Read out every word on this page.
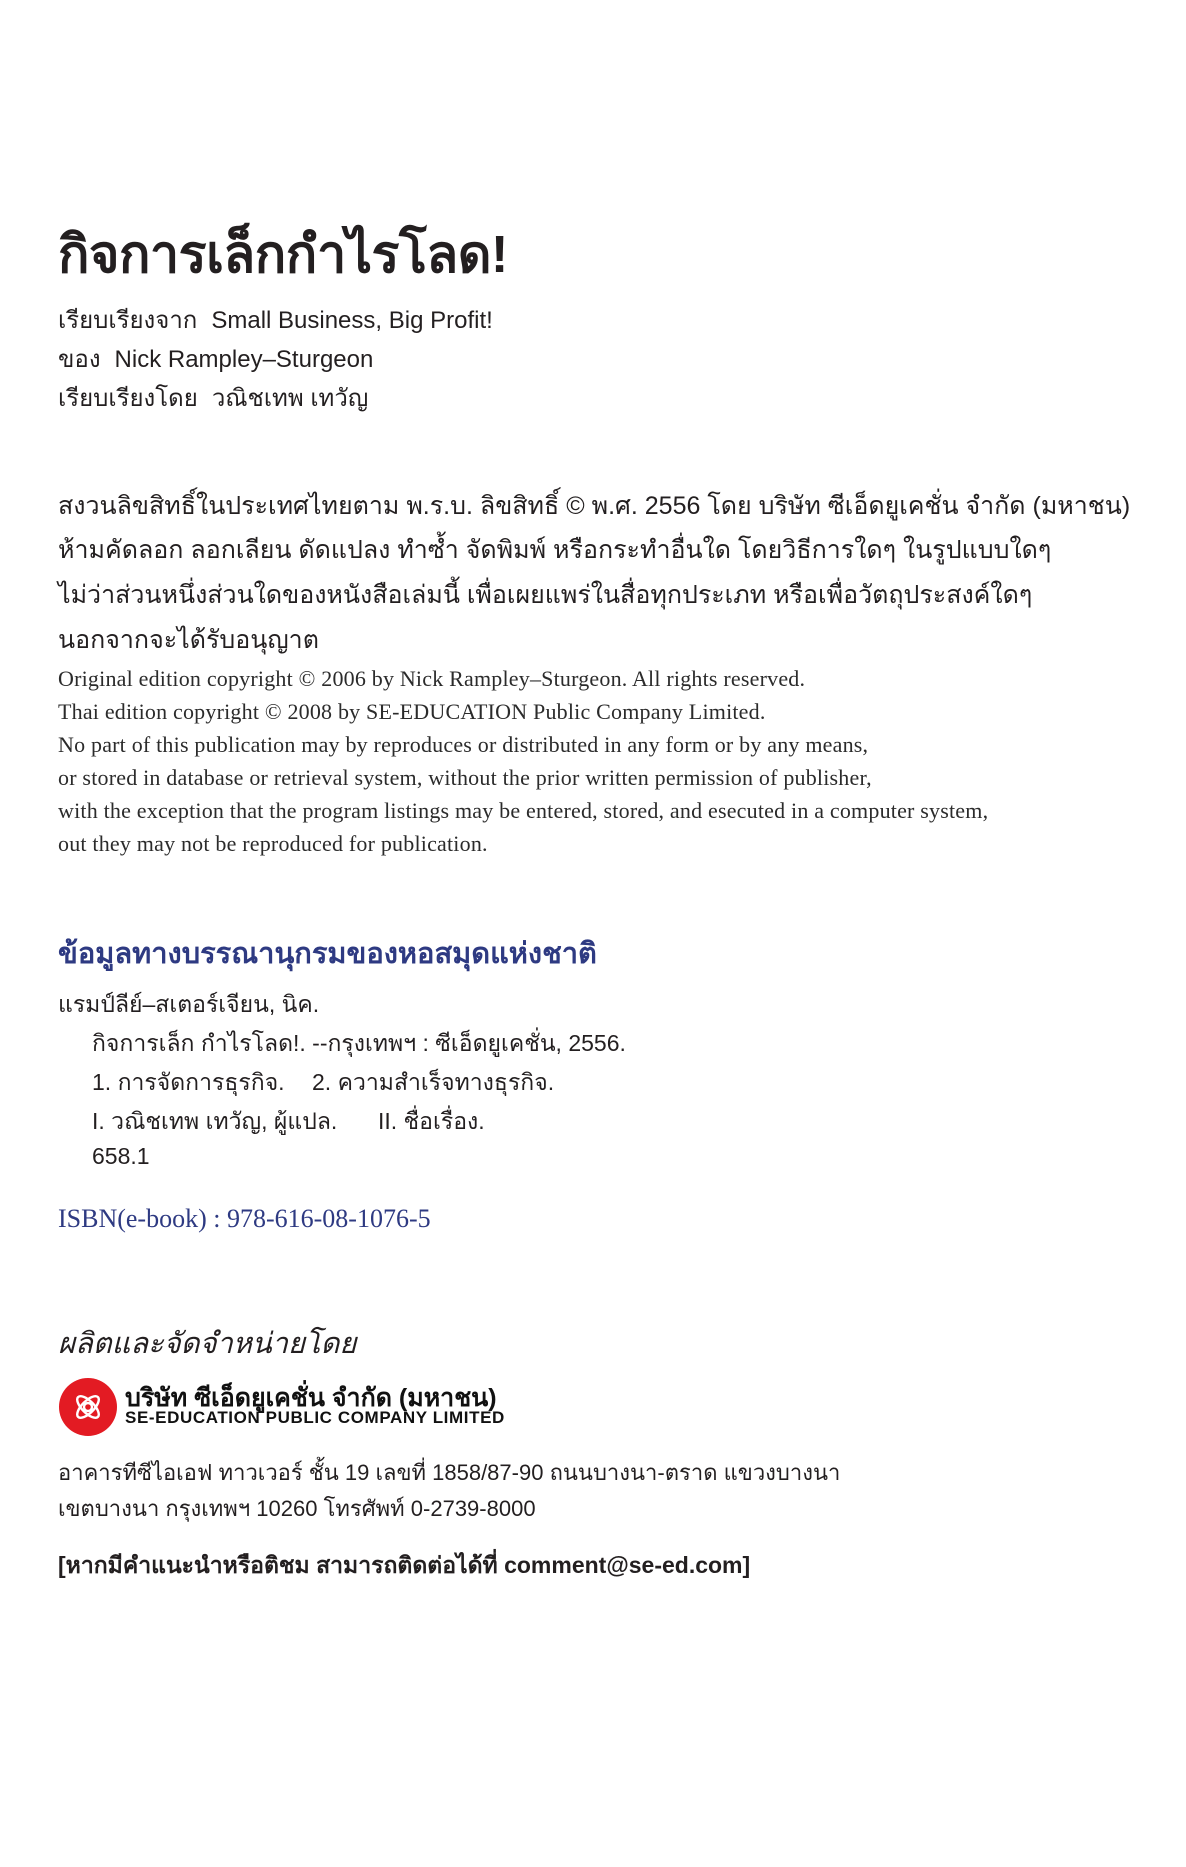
กิจการเล็กกำไรโลด!
เรียบเรียงจาก Small Business, Big Profit!
ของ Nick Rampley–Sturgeon
เรียบเรียงโดย วณิชเทพ เทวัญ
สงวนลิขสิทธิ์ในประเทศไทยตาม พ.ร.บ. ลิขสิทธิ์ © พ.ศ. 2556 โดย บริษัท ซีเอ็ดยูเคชั่น จำกัด (มหาชน)
ห้ามคัดลอก ลอกเลียน ดัดแปลง ทำซ้ำ จัดพิมพ์ หรือกระทำอื่นใด โดยวิธีการใดๆ ในรูปแบบใดๆ
ไม่ว่าส่วนหนึ่งส่วนใดของหนังสือเล่มนี้ เพื่อเผยแพร่ในสื่อทุกประเภท หรือเพื่อวัตถุประสงค์ใดๆ
นอกจากจะได้รับอนุญาต
Original edition copyright © 2006 by Nick Rampley–Sturgeon. All rights reserved.
Thai edition copyright © 2008 by SE-EDUCATION Public Company Limited.
No part of this publication may by reproduces or distributed in any form or by any means,
or stored in database or retrieval system, without the prior written permission of publisher,
with the exception that the program listings may be entered, stored, and esecuted in a computer system,
out they may not be reproduced for publication.
ข้อมูลทางบรรณานุกรมของหอสมุดแห่งชาติ
แรมป์ลีย์–สเตอร์เจียน, นิค.
กิจการเล็ก กำไรโลด!. --กรุงเทพฯ : ซีเอ็ดยูเคชั่น, 2556.
1. การจัดการธุรกิจ. 2. ความสำเร็จทางธุรกิจ.
I. วณิชเทพ เทวัญ, ผู้แปล. II. ชื่อเรื่อง.
658.1
ISBN(e-book) : 978-616-08-1076-5
ผลิตและจัดจำหน่ายโดย
บริษัท ซีเอ็ดยูเคชั่น จำกัด (มหาชน)
SE-EDUCATION PUBLIC COMPANY LIMITED
อาคารทีซีไอเอฟ ทาวเวอร์ ชั้น 19 เลขที่ 1858/87-90 ถนนบางนา-ตราด แขวงบางนา
เขตบางนา กรุงเทพฯ 10260 โทรศัพท์ 0-2739-8000
[หากมีคำแนะนำหรือติชม สามารถติดต่อได้ที่ comment@se-ed.com]
